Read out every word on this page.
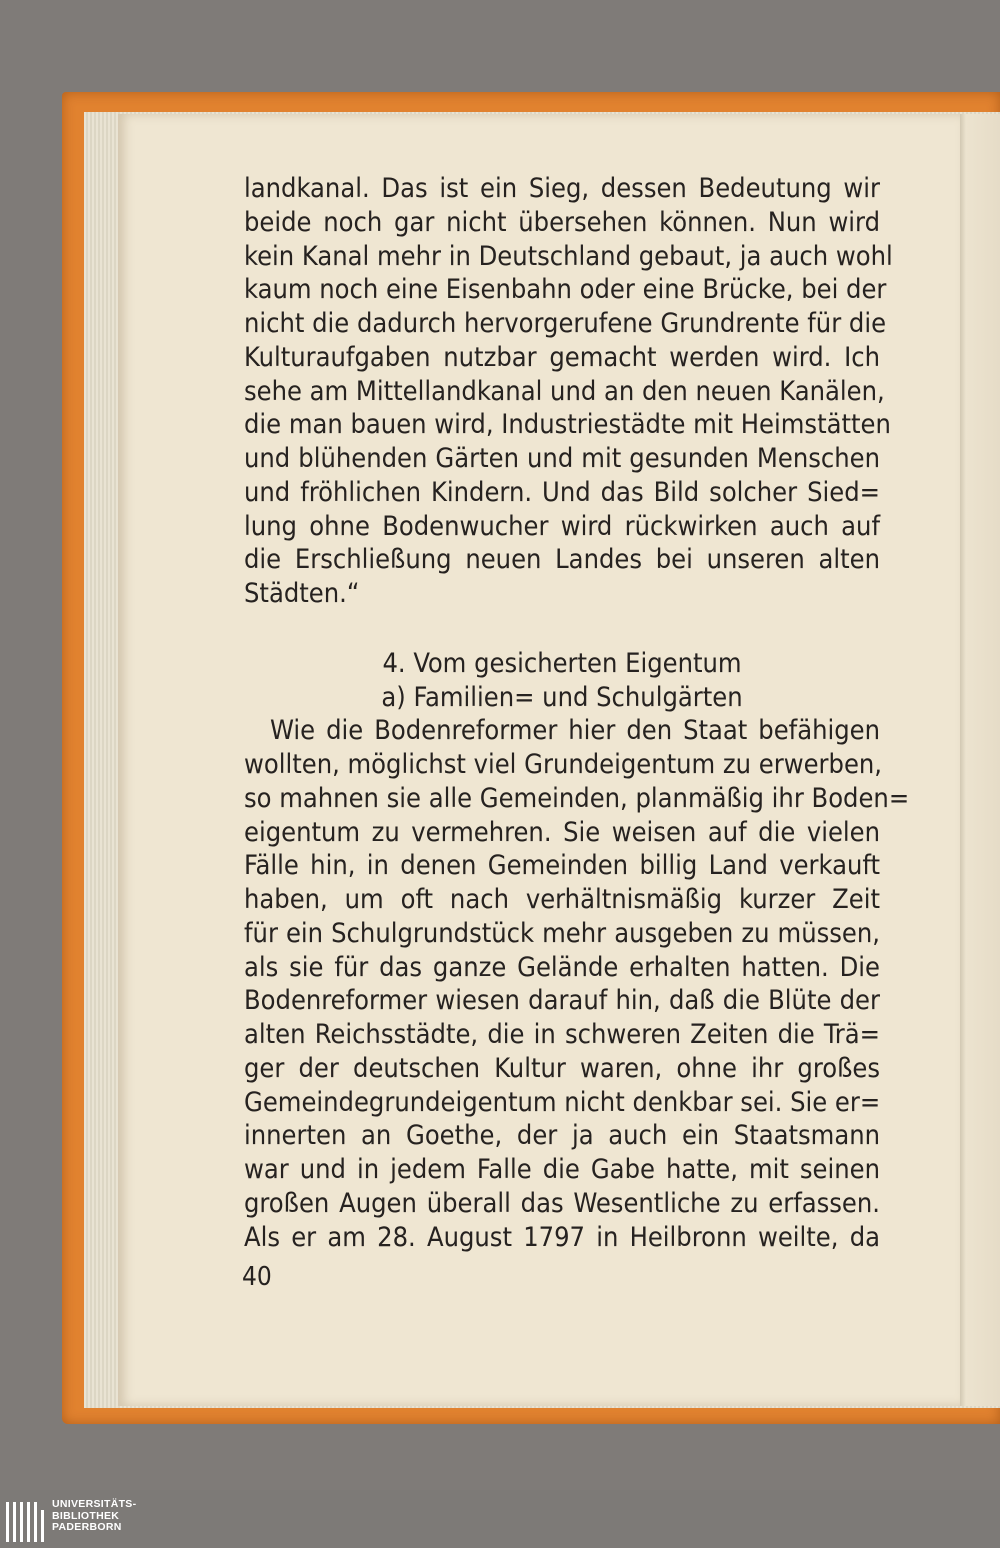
landkanal. Das ist ein Sieg, dessen Bedeutung wir
beide noch gar nicht übersehen können. Nun wird
kein Kanal mehr in Deutschland gebaut, ja auch wohl
kaum noch eine Eisenbahn oder eine Brücke, bei der
nicht die dadurch hervorgerufene Grundrente für die
Kulturaufgaben nutzbar gemacht werden wird. Ich
sehe am Mittellandkanal und an den neuen Kanälen,
die man bauen wird, Industriestädte mit Heimstätten
und blühenden Gärten und mit gesunden Menschen
und fröhlichen Kindern. Und das Bild solcher Sied=
lung ohne Bodenwucher wird rückwirken auch auf
die Erschließung neuen Landes bei unseren alten
Städten.“
4. Vom gesicherten Eigentum
a) Familien= und Schulgärten
Wie die Bodenreformer hier den Staat befähigen
wollten, möglichst viel Grundeigentum zu erwerben,
so mahnen sie alle Gemeinden, planmäßig ihr Boden=
eigentum zu vermehren. Sie weisen auf die vielen
Fälle hin, in denen Gemeinden billig Land verkauft
haben, um oft nach verhältnismäßig kurzer Zeit
für ein Schulgrundstück mehr ausgeben zu müssen,
als sie für das ganze Gelände erhalten hatten. Die
Bodenreformer wiesen darauf hin, daß die Blüte der
alten Reichsstädte, die in schweren Zeiten die Trä=
ger der deutschen Kultur waren, ohne ihr großes
Gemeindegrundeigentum nicht denkbar sei. Sie er=
innerten an Goethe, der ja auch ein Staatsmann
war und in jedem Falle die Gabe hatte, mit seinen
großen Augen überall das Wesentliche zu erfassen.
Als er am 28. August 1797 in Heilbronn weilte, da
40
UNIVERSITÄTS-
BIBLIOTHEK
PADERBORN
